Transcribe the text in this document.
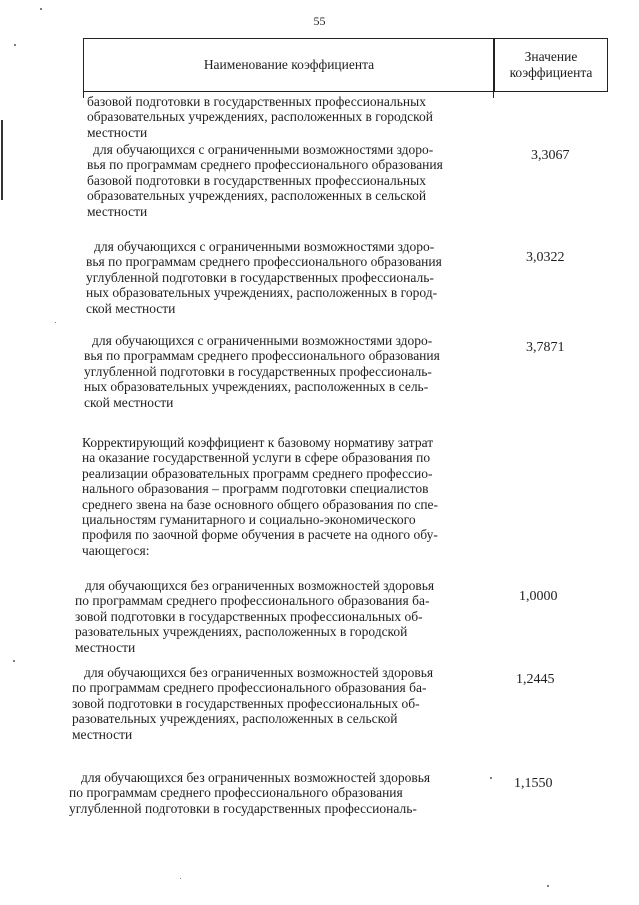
55
Наименование коэффициента
Значение
коэффициента
базовой подготовки в государственных профессиональных
образовательных учреждениях, расположенных в городской
местности
для обучающихся с ограниченными возможностями здоро-
вья по программам среднего профессионального образования
базовой подготовки в государственных профессиональных
образовательных учреждениях, расположенных в сельской
местности
3,3067
для обучающихся с ограниченными возможностями здоро-
вья по программам среднего профессионального образования
углубленной подготовки в государственных профессиональ-
ных образовательных учреждениях, расположенных в город-
ской местности
3,0322
для обучающихся с ограниченными возможностями здоро-
вья по программам среднего профессионального образования
углубленной подготовки в государственных профессиональ-
ных образовательных учреждениях, расположенных в сель-
ской местности
3,7871
Корректирующий коэффициент к базовому нормативу затрат
на оказание государственной услуги в сфере образования по
реализации образовательных программ среднего профессио-
нального образования – программ подготовки специалистов
среднего звена на базе основного общего образования по спе-
циальностям гуманитарного и социально-экономического
профиля по заочной форме обучения в расчете на одного обу-
чающегося:
для обучающихся без ограниченных возможностей здоровья
по программам среднего профессионального образования ба-
зовой подготовки в государственных профессиональных об-
разовательных учреждениях, расположенных в городской
местности
1,0000
для обучающихся без ограниченных возможностей здоровья
по программам среднего профессионального образования ба-
зовой подготовки в государственных профессиональных об-
разовательных учреждениях, расположенных в сельской
местности
1,2445
для обучающихся без ограниченных возможностей здоровья
по программам среднего профессионального образования
углубленной подготовки в государственных профессиональ-
1,1550
